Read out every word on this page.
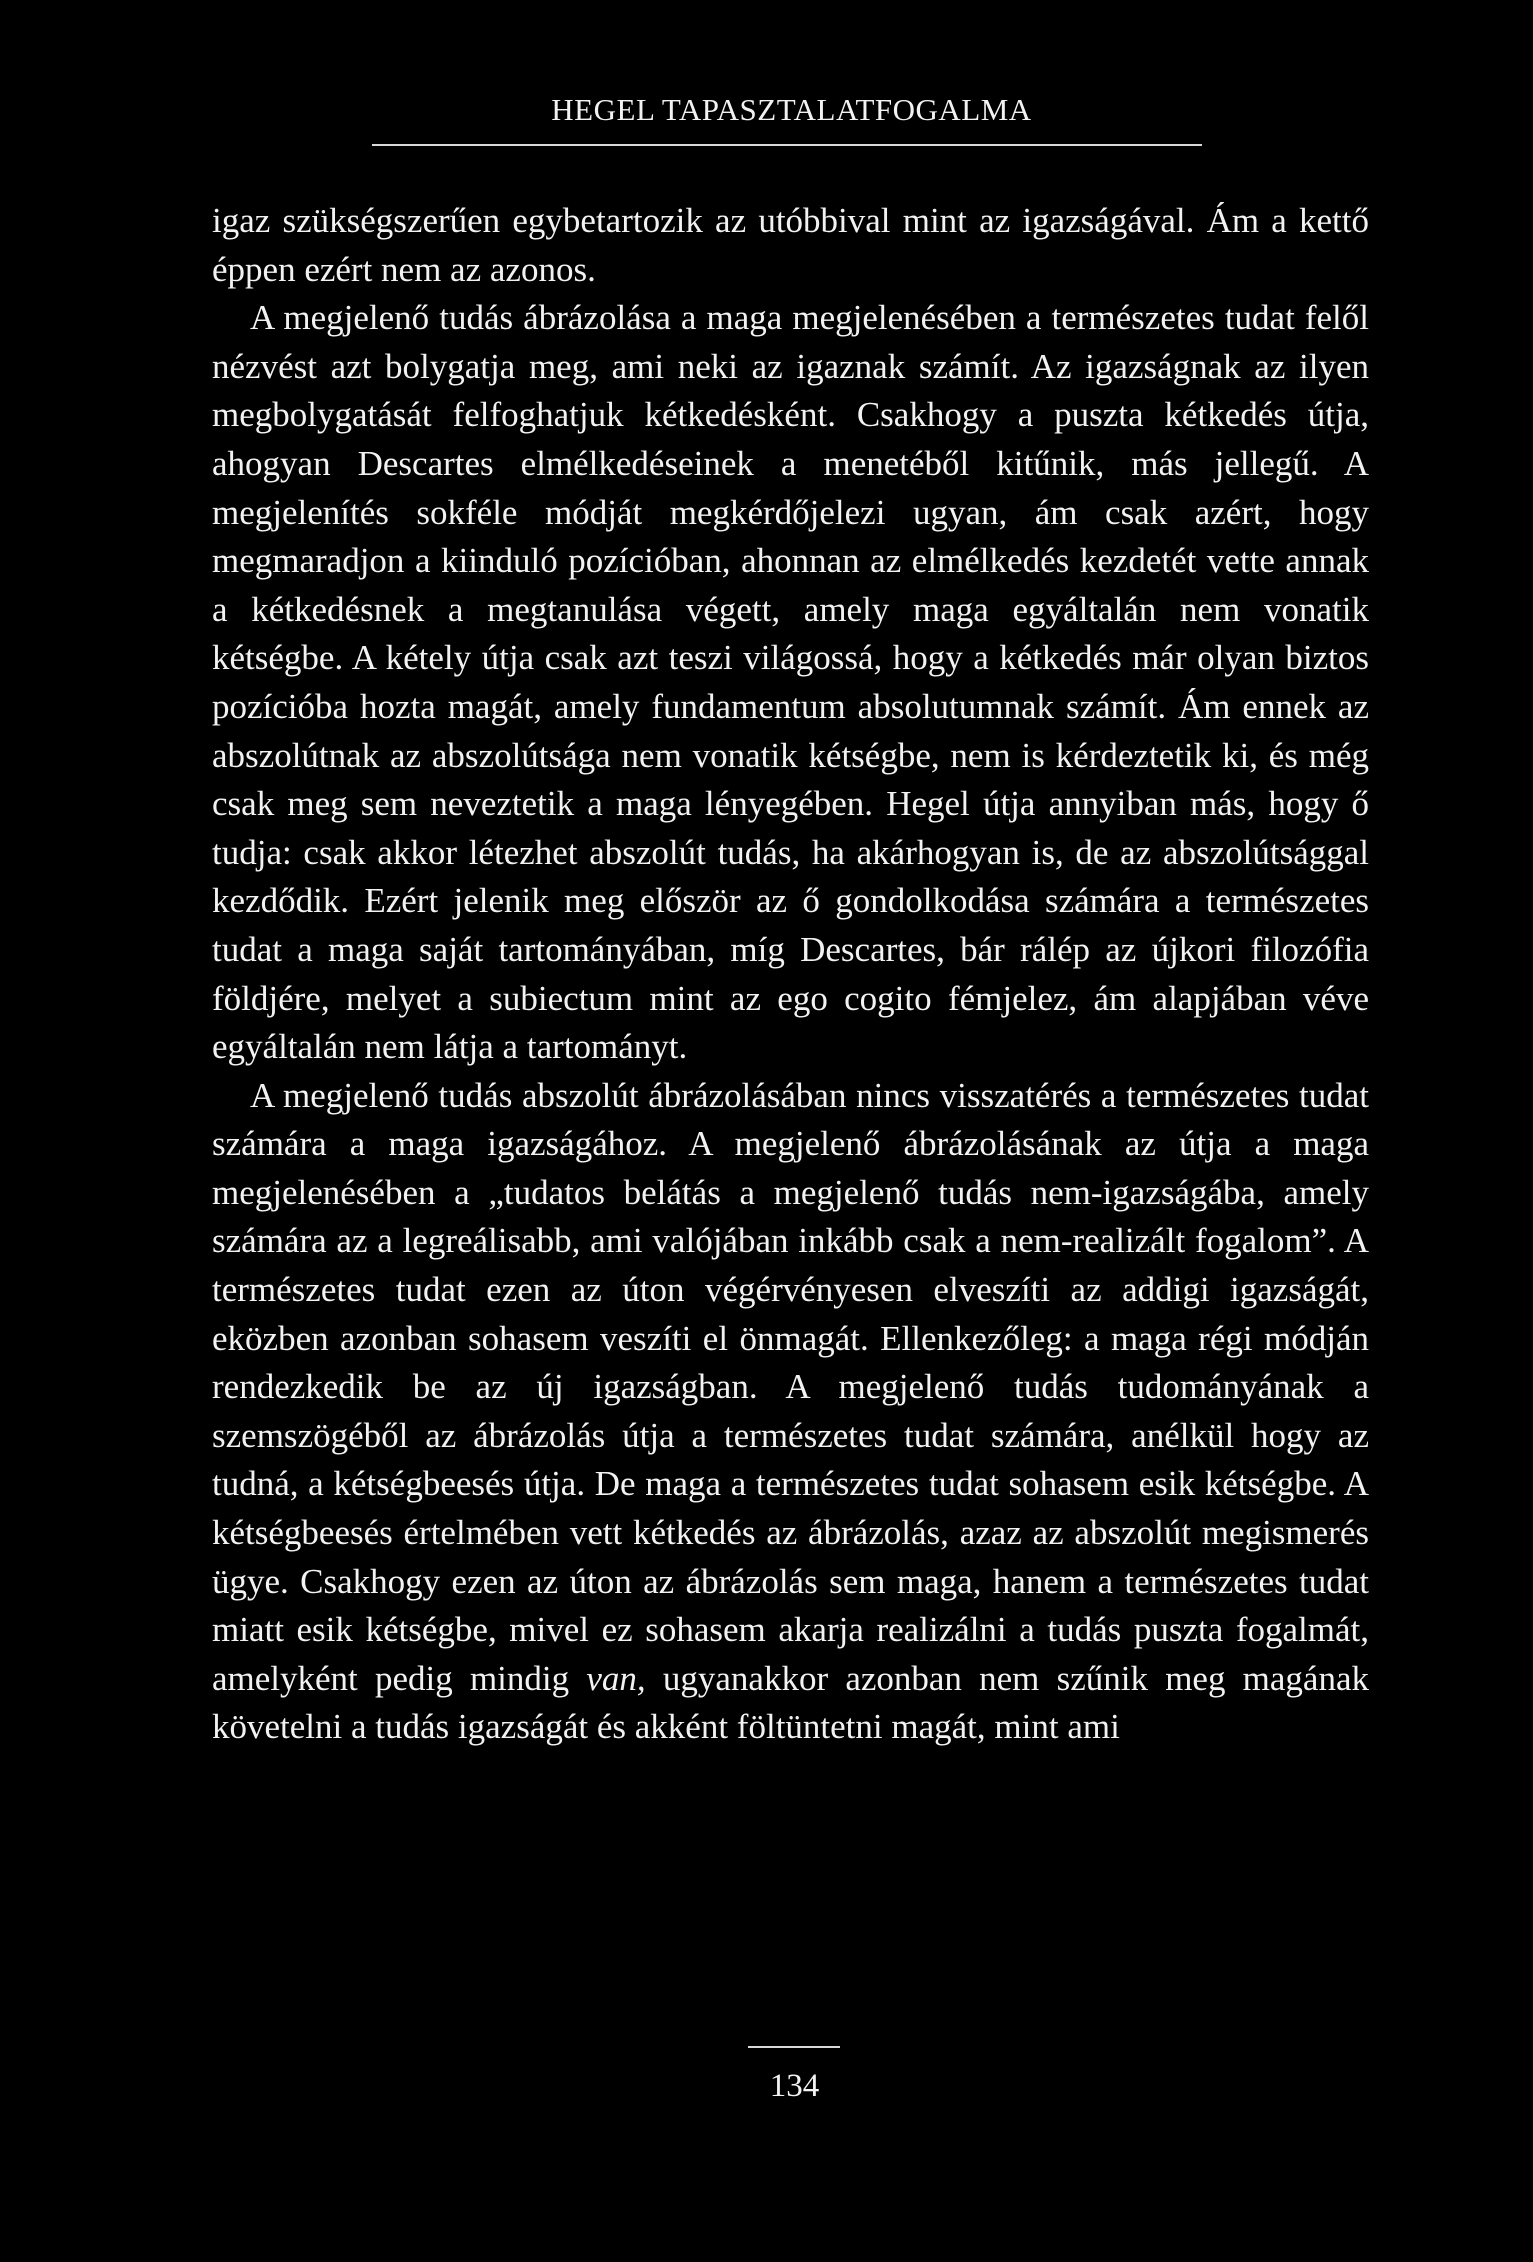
HEGEL TAPASZTALATFOGALMA

igaz szükségszerűen egybetartozik az utóbbival mint az igazságával. Ám a kettő éppen ezért nem az azonos.

A megjelenő tudás ábrázolása a maga megjelenésében a természetes tudat felől nézvést azt bolygatja meg, ami neki az igaznak számít. Az igazságnak az ilyen megbolygatását felfoghatjuk kétkedésként. Csakhogy a puszta kétkedés útja, ahogyan Descartes elmélkedéseinek a menetéből kitűnik, más jellegű. A megjelenítés sokféle módját megkérdőjelezi ugyan, ám csak azért, hogy megmaradjon a kiinduló pozícióban, ahonnan az elmélkedés kezdetét vette annak a kétkedésnek a megtanulása végett, amely maga egyáltalán nem vonatik kétségbe. A kétely útja csak azt teszi világossá, hogy a kétkedés már olyan biztos pozícióba hozta magát, amely fundamentum absolutumnak számít. Ám ennek az abszolútnak az abszolútsága nem vonatik kétségbe, nem is kérdeztetik ki, és még csak meg sem neveztetik a maga lényegében. Hegel útja annyiban más, hogy ő tudja: csak akkor létezhet abszolút tudás, ha akárhogyan is, de az abszolútsággal kezdődik. Ezért jelenik meg először az ő gondolkodása számára a természetes tudat a maga saját tartományában, míg Descartes, bár rálép az újkori filozófia földjére, melyet a subiectum mint az ego cogito fémjelez, ám alapjában véve egyáltalán nem látja a tartományt.

A megjelenő tudás abszolút ábrázolásában nincs visszatérés a természetes tudat számára a maga igazságához. A megjelenő ábrázolásának az útja a maga megjelenésében a „tudatos belátás a megjelenő tudás nem-igazságába, amely számára az a legreálisabb, ami valójában inkább csak a nem-realizált fogalom”. A természetes tudat ezen az úton végérvényesen elveszíti az addigi igazságát, eközben azonban sohasem veszíti el önmagát. Ellenkezőleg: a maga régi módján rendezkedik be az új igazságban. A megjelenő tudás tudományának a szemszögéből az ábrázolás útja a természetes tudat számára, anélkül hogy az tudná, a kétségbeesés útja. De maga a természetes tudat sohasem esik kétségbe. A kétségbeesés értelmében vett kétkedés az ábrázolás, azaz az abszolút megismerés ügye. Csakhogy ezen az úton az ábrázolás sem maga, hanem a természetes tudat miatt esik kétségbe, mivel ez sohasem akarja realizálni a tudás puszta fogalmát, amelyként pedig mindig van, ugyanakkor azonban nem szűnik meg magának követelni a tudás igazságát és akként föltüntetni magát, mint ami

134
